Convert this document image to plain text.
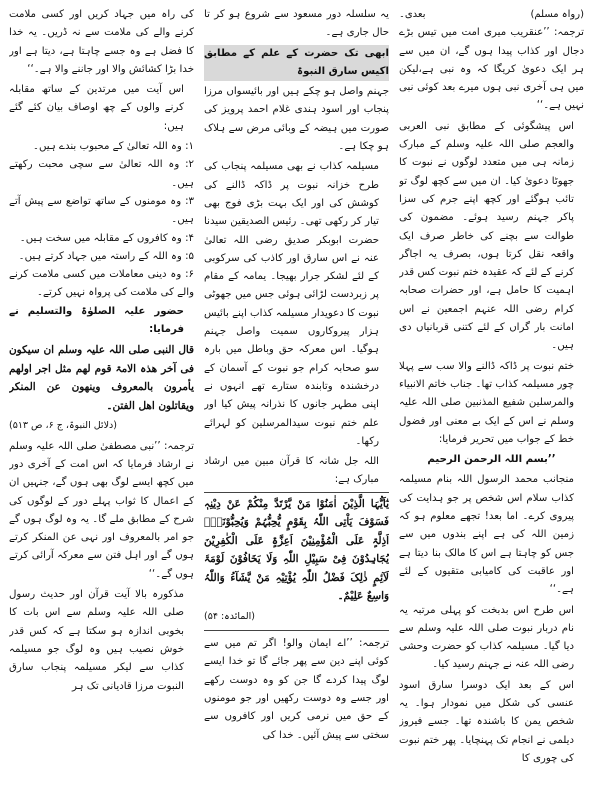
(رواہ مسلم)
بعدی۔

ترجمہ: ’’عنقریب میری امت میں تیس بڑے دجال اور کذاب پیدا ہوں گے، ان میں سے ہر ایک دعویٰ کریگا کہ وہ نبی ہے،لیکن میں ہی آخری نبی ہوں میرے بعد کوئی نبی نہیں ہے۔‘‘

اس پیشگوئی کے مطابق نبی العربی والعجم صلی اللہ علیہ وسلم کے مبارک زمانہ ہی میں متعدد لوگوں نے نبوت کا جھوٹا دعویٰ کیا۔ ان میں سے کچھ لوگ تو تائب ہوگئے اور کچھ اپنے جرم کی سزا پاکر جہنم رسید ہوئے۔ مضمون کی طوالت سے بچنے کی خاطر صرف ایک واقعہ نقل کرتا ہوں، بصرف یہ اجاگر کرنے کے لئے کہ عقیدہ ختم نبوت کس قدر اہمیت کا حامل ہے، اور حضرات صحابہ کرام رضی اللہ عنہم اجمعین نے اس امانت بار گراں کے لئے کتنی قربانیاں دی ہیں۔

ختم نبوت پر ڈاکہ ڈالنے والا سب سے پہلا چور مسیلمہ کذاب تھا۔ جناب خاتم الانبیاء والمرسلین شفیع المذنبین صلی اللہ علیہ وسلم نے اس کے ایک بے معنی اور فضول خط کے جواب میں تحریر فرمایا:

’’بسم اللہ الرحمن الرحیم

منجانب محمد الرسول اللہ بنام مسیلمہ کذاب سلام اس شخص پر جو ہدایت کی پیروی کرے۔ اما بعد! تجھے معلوم ہو کہ زمین اللہ کی ہے اپنے بندوں میں سے جس کو چاہتا ہے اس کا مالک بنا دیتا ہے اور عاقبت کی کامیابی متقیوں کے لئے ہے۔‘‘

اس طرح اس بدبخت کو پہلی مرتبہ یہ نام دربار نبوت صلی اللہ علیہ وسلم سے دیا گیا۔ مسیلمہ کذاب کو حضرت وحشی رضی اللہ عنہ نے جہنم رسید کیا۔

اس کے بعد ایک دوسرا سارق اسود عنسی کی شکل میں نمودار ہوا۔ یہ شخص یمن کا باشندہ تھا۔ جسے فیروز دیلمی نے انجام تک پہنچایا۔ پھر ختم نبوت کی چوری کا

یہ سلسلہ دور مسعود سے شروع ہو کر تا حال جاری ہے۔

ابھی تک حضرت کے علم کے مطابق اکیس سارق النبوۃ

جہنم واصل ہو چکے ہیں اور بائیسواں مرزا پنجاب اور اسود ہندی غلام احمد پرویز کی صورت میں ہیضہ کے وبائی مرض سے ہلاک ہو چکا ہے۔

مسیلمہ کذاب نے بھی مسیلمہ پنجاب کی طرح خزانہ نبوت پر ڈاکہ ڈالنے کی کوشش کی اور ایک بہت بڑی فوج بھی تیار کر رکھی تھی۔ رئیس الصدیقین سیدنا حضرت ابوبکر صدیق رضی اللہ تعالیٰ عنہ نے اس سارق اور کاذب کی سرکوبی کے لئے لشکر جرار بھیجا۔ یمامہ کے مقام پر زبردست لڑائی ہوئی جس میں جھوٹی نبوت کا دعویدار مسیلمہ کذاب اپنے بائیس ہزار پیروکاروں سمیت واصل جہنم ہوگیا۔ اس معرکہ حق وباطل میں بارہ سو صحابہ کرام جو نبوت کے آسمان کے درخشندہ وتابندہ ستارے تھے انہوں نے اپنی مطہر جانوں کا نذرانہ پیش کیا اور علم ختم نبوت سیدالمرسلین کو لہرائے رکھا۔

اللہ جل شانہ کا قرآن مبین میں ارشاد مبارک ہے:

یٰٓاَیُّہَا الَّذِیْنَ اٰمَنُوْا مَنْ یَّرْتَدَّ مِنْکُمْ عَنْ دِیْنِہٖ فَسَوْفَ یَاْتِی اللّٰہُ بِقَوْمٍ یُّحِبُّہُمْ وَیُحِبُّوْنَہٗٓ اَذِلَّۃٍ عَلَی الْمُؤْمِنِیْنَ اَعِزَّۃٍ عَلَی الْکٰفِرِیْنَ یُجَاہِدُوْنَ فِیْ سَبِیْلِ اللّٰہِ وَلَا یَخَافُوْنَ لَوْمَۃَ لَآئِمٍ ذٰلِکَ فَضْلُ اللّٰہِ یُؤْتِیْہِ مَنْ یَّشَآءُ وَاللّٰہُ وَاسِعٌ عَلِیْمٌ۔

(المائدہ: ۵۴)

ترجمہ: ’’اے ایمان والو! اگر تم میں سے کوئی اپنے دین سے پھر جائے گا تو خدا ایسے لوگ پیدا کردے گا جن کو وہ دوست رکھے اور جسے وہ دوست رکھیں اور جو مومنوں کے حق میں نرمی کریں اور کافروں سے سختی سے پیش آئیں۔ خدا کی

کی راہ میں جہاد کریں اور کسی ملامت کرنے والے کی ملامت سے نہ ڈریں۔ یہ خدا کا فضل ہے وہ جسے چاہتا ہے، دیتا ہے اور خدا بڑا کشائش والا اور جاننے والا ہے۔‘‘

اس آیت میں مرتدین کے ساتھ مقابلہ کرنے والوں کے چھ اوصاف بیان کئے گئے ہیں:

۱: وہ اللہ تعالیٰ کے محبوب بندے ہیں۔
۲: وہ اللہ تعالیٰ سے سچی محبت رکھتے ہیں۔
۳: وہ مومنوں کے ساتھ تواضع سے پیش آتے ہیں۔
۴: وہ کافروں کے مقابلہ میں سخت ہیں۔
۵: وہ اللہ کے راستہ میں جہاد کرتے ہیں۔
۶: وہ دینی معاملات میں کسی ملامت کرنے والے کی ملامت کی پرواہ نہیں کرتے۔

حضور علیہ الصلوٰۃ والتسلیم نے فرمایا:

قال النبی صلی اللہ علیہ وسلم ان سیکون فی آخر ھذہ الامۃ قوم لھم مثل اجر اولھم یأمرون بالمعروف وینھون عن المنکر ویقاتلون اھل الفتن۔

(دلائل النبوۃ، ج ۶، ص ۵۱۳)

ترجمہ: ’’نبی مصطفیٰ صلی اللہ علیہ وسلم نے ارشاد فرمایا کہ اس امت کے آخری دور میں کچھ ایسے لوگ بھی ہوں گے، جنہیں ان کے اعمال کا ثواب پہلے دور کے لوگوں کی شرح کے مطابق ملے گا۔ یہ وہ لوگ ہوں گے جو امر بالمعروف اور نہی عن المنکر کرتے ہوں گے اور اہل فتن سے معرکہ آرائی کرتے ہوں گے۔‘‘

مذکورہ بالا آیت قرآن اور حدیث رسول صلی اللہ علیہ وسلم سے اس بات کا بخوبی اندازہ ہو سکتا ہے کہ کس قدر خوش نصیب ہیں وہ لوگ جو مسیلمہ کذاب سے لیکر مسیلمہ پنجاب سارق النبوت مرزا قادیانی تک ہر
